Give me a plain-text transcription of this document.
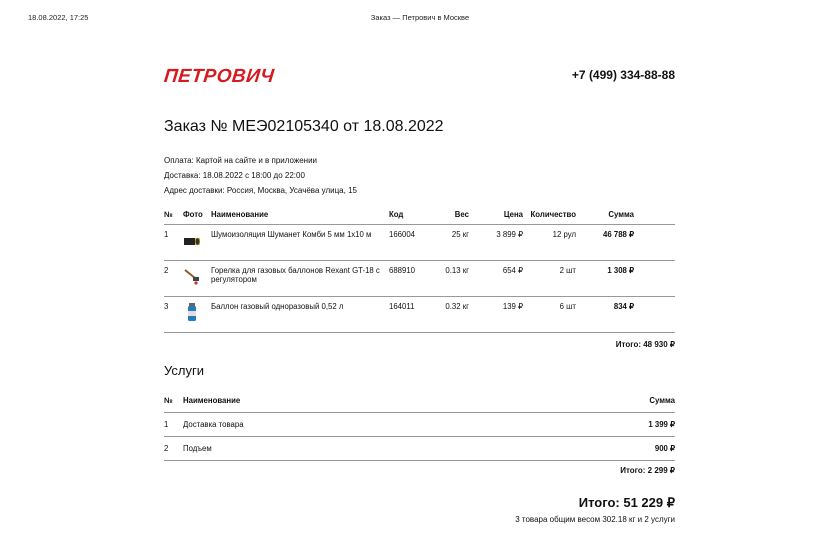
18.08.2022, 17:25	Заказ — Петрович в Москве
ПЕТРОВИЧ	+7 (499) 334-88-88
Заказ № МЕЭ02105340 от 18.08.2022
Оплата: Картой на сайте и в приложении
Доставка: 18.08.2022 с 18:00 до 22:00
Адрес доставки: Россия, Москва, Усачёва улица, 15
№	Фото	Наименование	Код	Вес	Цена	Количество	Сумма	
1		Шумоизоляция Шуманет Комби 5 мм 1x10 м	166004	25 кг	3 899 ₽	12 рул	46 788 ₽	
2		Горелка для газовых баллонов Rexant GT-18 с регулятором	688910	0.13 кг	654 ₽	2 шт	1 308 ₽	
3		Баллон газовый одноразовый 0,52 л	164011	0.32 кг	139 ₽	6 шт	834 ₽	

Итого: 48 930 ₽
Услуги
№	Наименование	Сумма
1	Доставка товара	1 399 ₽
2	Подъем	900 ₽

Итого: 2 299 ₽
Итого: 51 229 ₽
3 товара общим весом 302.18 кг и 2 услуги
